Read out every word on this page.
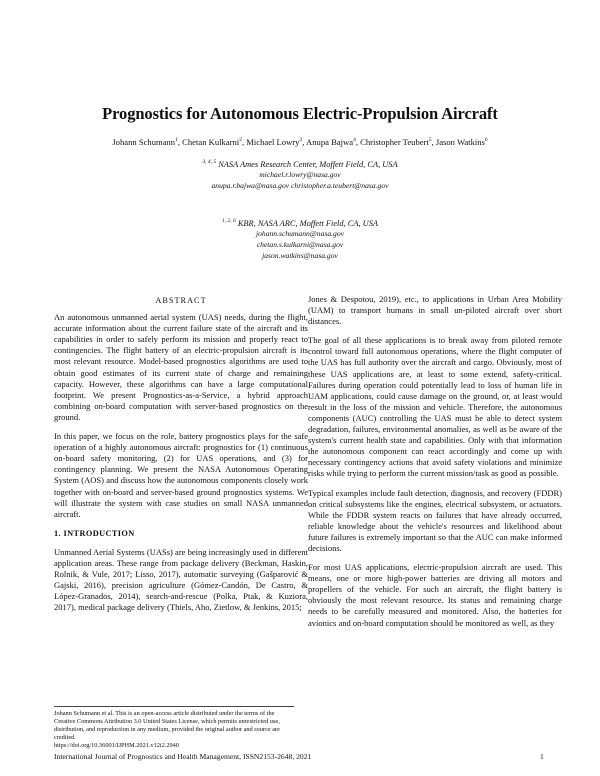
Prognostics for Autonomous Electric-Propulsion Aircraft
Johann Schumann$^1$, Chetan Kulkarni$^2$, Michael Lowry$^3$, Anupa Bajwa$^4$, Christopher Teubert$^5$, Jason Watkins$^6$
$^{3, 4, 5}$ NASA Ames Research Center, Moffett Field, CA, USA
michael.r.lowry@nasa.gov
anupa.r.bajwa@nasa.gov christopher.a.teubert@nasa.gov
$^{1, 2, 6}$ KBR, NASA ARC, Moffett Field, CA, USA
johann.schumann@nasa.gov
chetan.s.kulkarni@nasa.gov
jason.watkins@nasa.gov
ABSTRACT

An autonomous unmanned aerial system (UAS) needs, during the flight, accurate information about the current failure state of the aircraft and its capabilities in order to safely perform its mission and properly react to contingencies. The flight battery of an electric-propulsion aircraft is its most relevant resource. Model-based prognostics algorithms are used to obtain good estimates of its current state of charge and remaining capacity. However, these algorithms can have a large computational footprint. We present Prognostics-as-a-Service, a hybrid approach combining on-board computation with server-based prognostics on the ground.

In this paper, we focus on the role, battery prognostics plays for the safe operation of a highly autonomous aircraft: prognostics for (1) continuous on-board safety monitoring, (2) for UAS operations, and (3) for contingency planning. We present the NASA Autonomous Operating System (AOS) and discuss how the autonomous components closely work together with on-board and server-based ground prognostics systems. We will illustrate the system with case studies on small NASA unmanned aircraft.

1. INTRODUCTION

Unmanned Aerial Systems (UASs) are being increasingly used in different application areas. These range from package delivery (Beckman, Haskin, Rolnik, & Vule, 2017; Lisso, 2017), automatic surveying (Gašparović & Gajski, 2016), precision agriculture (Gómez-Candón, De Castro, & López-Granados, 2014), search-and-rescue (Polka, Ptak, & Kuziora, 2017), medical package delivery (Thiels, Aho, Zietlow, & Jenkins, 2015;

Jones & Despotou, 2019), etc., to applications in Urban Area Mobility (UAM) to transport humans in small un-piloted aircraft over short distances.

The goal of all these applications is to break away from piloted remote control toward full autonomous operations, where the flight computer of the UAS has full authority over the aircraft and cargo. Obviously, most of these UAS applications are, at least to some extend, safety-critical. Failures during operation could potentially lead to loss of human life in UAM applications, could cause damage on the ground, or, at least would result in the loss of the mission and vehicle. Therefore, the autonomous components (AUC) controlling the UAS must be able to detect system degradation, failures, environmental anomalies, as well as be aware of the system's current health state and capabilities. Only with that information the autonomous component can react accordingly and come up with necessary contingency actions that avoid safety violations and minimize risks while trying to perform the current mission/task as good as possible.

Typical examples include fault detection, diagnosis, and recovery (FDDR) on critical subsystems like the engines, electrical subsystem, or actuators. While the FDDR system reacts on failures that have already occurred, reliable knowledge about the vehicle's resources and likelihood about future failures is extremely important so that the AUC can make informed decisions.

For most UAS applications, electric-propulsion aircraft are used. This means, one or more high-power batteries are driving all motors and propellers of the vehicle. For such an aircraft, the flight battery is obviously the most relevant resource. Its status and remaining charge needs to be carefully measured and monitored. Also, the batteries for avionics and on-board computation should be monitored as well, as they

Johann Schumann et al. This is an open-access article distributed under the terms of the Creative Commons Attribution 3.0 United States License, which permits unrestricted use, distribution, and reproduction in any medium, provided the original author and source are credited.
https://doi.org/10.36001/IJPHM.2021.v12i2.2940
International Journal of Prognostics and Health Management, ISSN2153-2648, 2021	1
